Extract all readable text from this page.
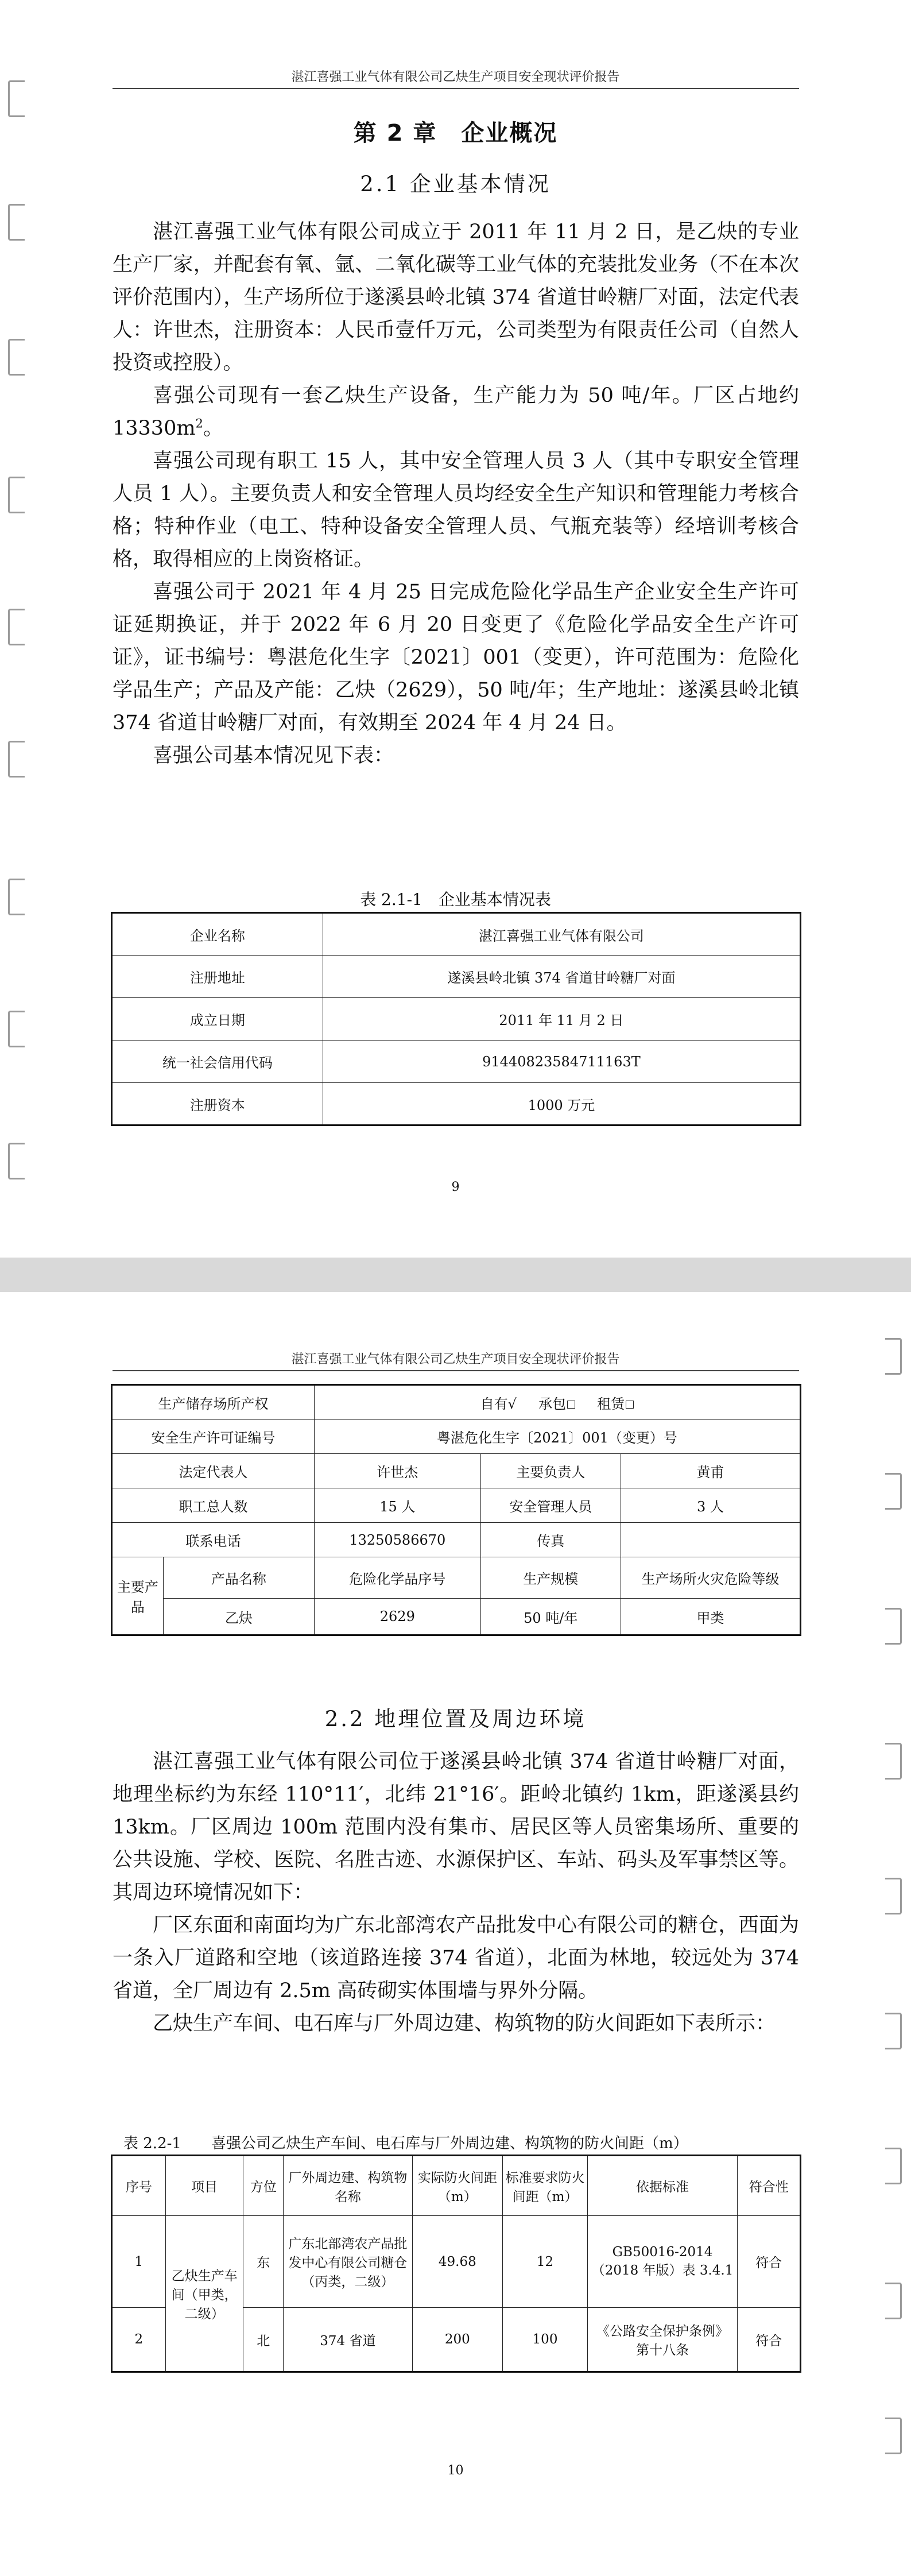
湛江喜强工业气体有限公司乙炔生产项目安全现状评价报告
第 2 章　企业概况
2.1 企业基本情况

湛江喜强工业气体有限公司成立于 2011 年 11 月 2 日，是乙炔的专业生产厂家，并配套有氧、氩、二氧化碳等工业气体的充装批发业务（不在本次评价范围内），生产场所位于遂溪县岭北镇 374 省道甘岭糖厂对面，法定代表人：许世杰，注册资本：人民币壹仟万元，公司类型为有限责任公司（自然人投资或控股）。

喜强公司现有一套乙炔生产设备，生产能力为 50 吨/年。厂区占地约 $13330m^2$。

喜强公司现有职工 15 人，其中安全管理人员 3 人（其中专职安全管理人员 1 人）。主要负责人和安全管理人员均经安全生产知识和管理能力考核合格；特种作业（电工、特种设备安全管理人员、气瓶充装等）经培训考核合格，取得相应的上岗资格证。

喜强公司于 2021 年 4 月 25 日完成危险化学品生产企业安全生产许可证延期换证，并于 2022 年 6 月 20 日变更了《危险化学品安全生产许可证》，证书编号：粤湛危化生字〔2021〕001（变更），许可范围为：危险化学品生产；产品及产能：乙炔（2629），50 吨/年；生产地址：遂溪县岭北镇 374 省道甘岭糖厂对面，有效期至 2024 年 4 月 24 日。

喜强公司基本情况见下表：

表 2.1-1　企业基本情况表
企业名称	湛江喜强工业气体有限公司
注册地址	遂溪县岭北镇 374 省道甘岭糖厂对面
成立日期	2011 年 11 月 2 日
统一社会信用代码	91440823584711163T
注册资本	1000 万元
9
湛江喜强工业气体有限公司乙炔生产项目安全现状评价报告
生产储存场所产权		自有√ 承包 租赁		
安全生产许可证编号		粤湛危化生字〔2021〕001（变更）号		
法定代表人		许世杰	主要负责人	黄甫
职工总人数		15 人	安全管理人员	3 人
联系电话		13250586670	传真	
主要产品	产品名称	危险化学品序号	生产规模	生产场所火灾危险等级
	乙炔	2629	50 吨/年	甲类
2.2 地理位置及周边环境

湛江喜强工业气体有限公司位于遂溪县岭北镇 374 省道甘岭糖厂对面，地理坐标约为东经 110°11′，北纬 21°16′。距岭北镇约 1km，距遂溪县约 13km。厂区周边 100m 范围内没有集市、居民区等人员密集场所、重要的公共设施、学校、医院、名胜古迹、水源保护区、车站、码头及军事禁区等。其周边环境情况如下：

厂区东面和南面均为广东北部湾农产品批发中心有限公司的糖仓，西面为一条入厂道路和空地（该道路连接 374 省道），北面为林地，较远处为 374 省道，全厂周边有 2.5m 高砖砌实体围墙与界外分隔。

乙炔生产车间、电石库与厂外周边建、构筑物的防火间距如下表所示：

表 2.2-1　　喜强公司乙炔生产车间、电石库与厂外周边建、构筑物的防火间距（m）
序号	项目	方位	厂外周边建、构筑物名称	实际防火间距（m）	标准要求防火间距（m）	依据标准	符合性
1	乙炔生产车间（甲类，二级）	东	广东北部湾农产品批发中心有限公司糖仓（丙类，二级）	49.68	12	GB50016-2014（2018 年版）表 3.4.1	符合
2		北	374 省道	200	100	《公路安全保护条例》第十八条	符合
10
